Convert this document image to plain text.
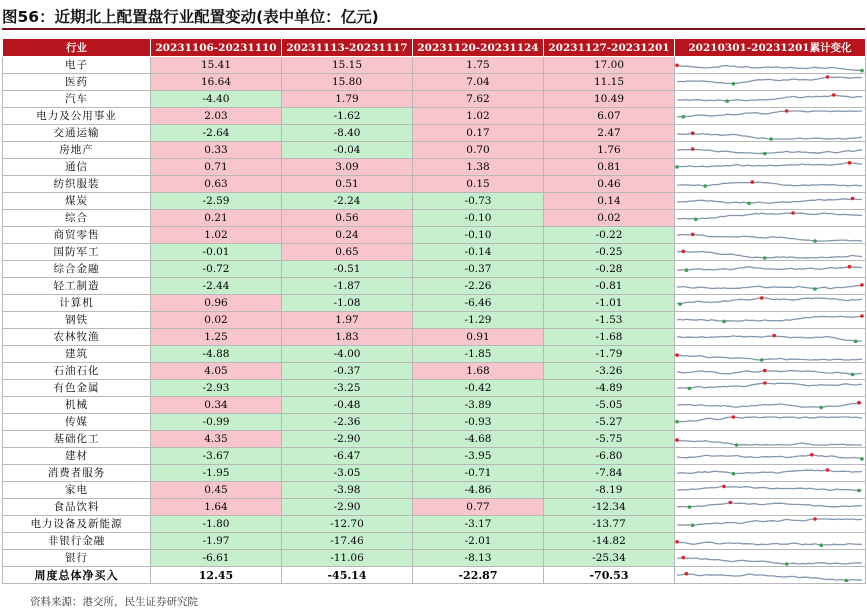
图56：近期北上配置盘行业配置变动(表中单位：亿元)
行业	20231106-20231110	20231113-20231117	20231120-20231124	20231127-20231201	20210301-20231201累计变化
电子	15.41	15.15	1.75	17.00	

医药	16.64	15.80	7.04	11.15	

汽车	-4.40	1.79	7.62	10.49	

电力及公用事业	2.03	-1.62	1.02	6.07	

交通运输	-2.64	-8.40	0.17	2.47	

房地产	0.33	-0.04	0.70	1.76	

通信	0.71	3.09	1.38	0.81	

纺织服装	0.63	0.51	0.15	0.46	

煤炭	-2.59	-2.24	-0.73	0.14	

综合	0.21	0.56	-0.10	0.02	

商贸零售	1.02	0.24	-0.10	-0.22	

国防军工	-0.01	0.65	-0.14	-0.25	

综合金融	-0.72	-0.51	-0.37	-0.28	

轻工制造	-2.44	-1.87	-2.26	-0.81	

计算机	0.96	-1.08	-6.46	-1.01	

钢铁	0.02	1.97	-1.29	-1.53	

农林牧渔	1.25	1.83	0.91	-1.68	

建筑	-4.88	-4.00	-1.85	-1.79	

石油石化	4.05	-0.37	1.68	-3.26	

有色金属	-2.93	-3.25	-0.42	-4.89	

机械	0.34	-0.48	-3.89	-5.05	

传媒	-0.99	-2.36	-0.93	-5.27	

基础化工	4.35	-2.90	-4.68	-5.75	

建材	-3.67	-6.47	-3.95	-6.80	

消费者服务	-1.95	-3.05	-0.71	-7.84	

家电	0.45	-3.98	-4.86	-8.19	

食品饮料	1.64	-2.90	0.77	-12.34	

电力设备及新能源	-1.80	-12.70	-3.17	-13.77	

非银行金融	-1.97	-17.46	-2.01	-14.82	

银行	-6.61	-11.06	-8.13	-25.34	

周度总体净买入	12.45	-45.14	-22.87	-70.53	
资料来源：港交所，民生证券研究院
